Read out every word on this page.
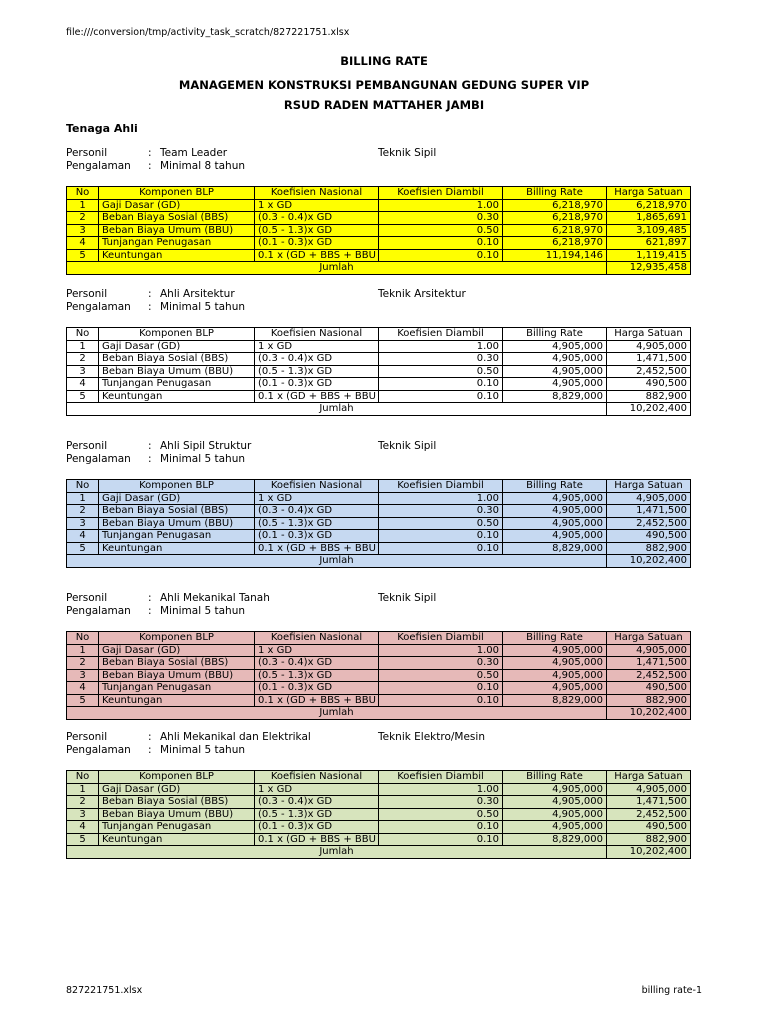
file:///conversion/tmp/activity_task_scratch/827221751.xlsx
BILLING RATE
MANAGEMEN KONSTRUKSI PEMBANGUNAN GEDUNG SUPER VIP
RSUD RADEN MATTAHER JAMBI
Tenaga Ahli
Personil	: Team Leader	Teknik Sipil
Pengalaman : Minimal 8 tahun
No	Komponen BLP	Koefisien Nasional	Koefisien Diambil	Billing Rate	Harga Satuan
1	Gaji Dasar (GD)	1 x GD	1.00	6,218,970	6,218,970
2	Beban Biaya Sosial (BBS)	(0.3 - 0.4)x GD	0.30	6,218,970	1,865,691
3	Beban Biaya Umum (BBU)	(0.5 - 1.3)x GD	0.50	6,218,970	3,109,485
4	Tunjangan Penugasan	(0.1 - 0.3)x GD	0.10	6,218,970	621,897
5	Keuntungan	0.1 x (GD + BBS + BBU	0.10	11,194,146	1,119,415
Jumlah					12,935,458
Personil	: Ahli Arsitektur	Teknik Arsitektur
Pengalaman : Minimal 5 tahun
No	Komponen BLP	Koefisien Nasional	Koefisien Diambil	Billing Rate	Harga Satuan
1	Gaji Dasar (GD)	1 x GD	1.00	4,905,000	4,905,000
2	Beban Biaya Sosial (BBS)	(0.3 - 0.4)x GD	0.30	4,905,000	1,471,500
3	Beban Biaya Umum (BBU)	(0.5 - 1.3)x GD	0.50	4,905,000	2,452,500
4	Tunjangan Penugasan	(0.1 - 0.3)x GD	0.10	4,905,000	490,500
5	Keuntungan	0.1 x (GD + BBS + BBU	0.10	8,829,000	882,900
Jumlah					10,202,400
Personil	: Ahli Sipil Struktur	Teknik Sipil
Pengalaman : Minimal 5 tahun
No	Komponen BLP	Koefisien Nasional	Koefisien Diambil	Billing Rate	Harga Satuan
1	Gaji Dasar (GD)	1 x GD	1.00	4,905,000	4,905,000
2	Beban Biaya Sosial (BBS)	(0.3 - 0.4)x GD	0.30	4,905,000	1,471,500
3	Beban Biaya Umum (BBU)	(0.5 - 1.3)x GD	0.50	4,905,000	2,452,500
4	Tunjangan Penugasan	(0.1 - 0.3)x GD	0.10	4,905,000	490,500
5	Keuntungan	0.1 x (GD + BBS + BBU	0.10	8,829,000	882,900
Jumlah					10,202,400
Personil	: Ahli Mekanikal Tanah	Teknik Sipil
Pengalaman : Minimal 5 tahun
No	Komponen BLP	Koefisien Nasional	Koefisien Diambil	Billing Rate	Harga Satuan
1	Gaji Dasar (GD)	1 x GD	1.00	4,905,000	4,905,000
2	Beban Biaya Sosial (BBS)	(0.3 - 0.4)x GD	0.30	4,905,000	1,471,500
3	Beban Biaya Umum (BBU)	(0.5 - 1.3)x GD	0.50	4,905,000	2,452,500
4	Tunjangan Penugasan	(0.1 - 0.3)x GD	0.10	4,905,000	490,500
5	Keuntungan	0.1 x (GD + BBS + BBU	0.10	8,829,000	882,900
Jumlah					10,202,400
Personil	: Ahli Mekanikal dan Elektrikal	Teknik Elektro/Mesin
Pengalaman : Minimal 5 tahun
No	Komponen BLP	Koefisien Nasional	Koefisien Diambil	Billing Rate	Harga Satuan
1	Gaji Dasar (GD)	1 x GD	1.00	4,905,000	4,905,000
2	Beban Biaya Sosial (BBS)	(0.3 - 0.4)x GD	0.30	4,905,000	1,471,500
3	Beban Biaya Umum (BBU)	(0.5 - 1.3)x GD	0.50	4,905,000	2,452,500
4	Tunjangan Penugasan	(0.1 - 0.3)x GD	0.10	4,905,000	490,500
5	Keuntungan	0.1 x (GD + BBS + BBU	0.10	8,829,000	882,900
Jumlah					10,202,400
827221751.xlsx	billing rate-1
